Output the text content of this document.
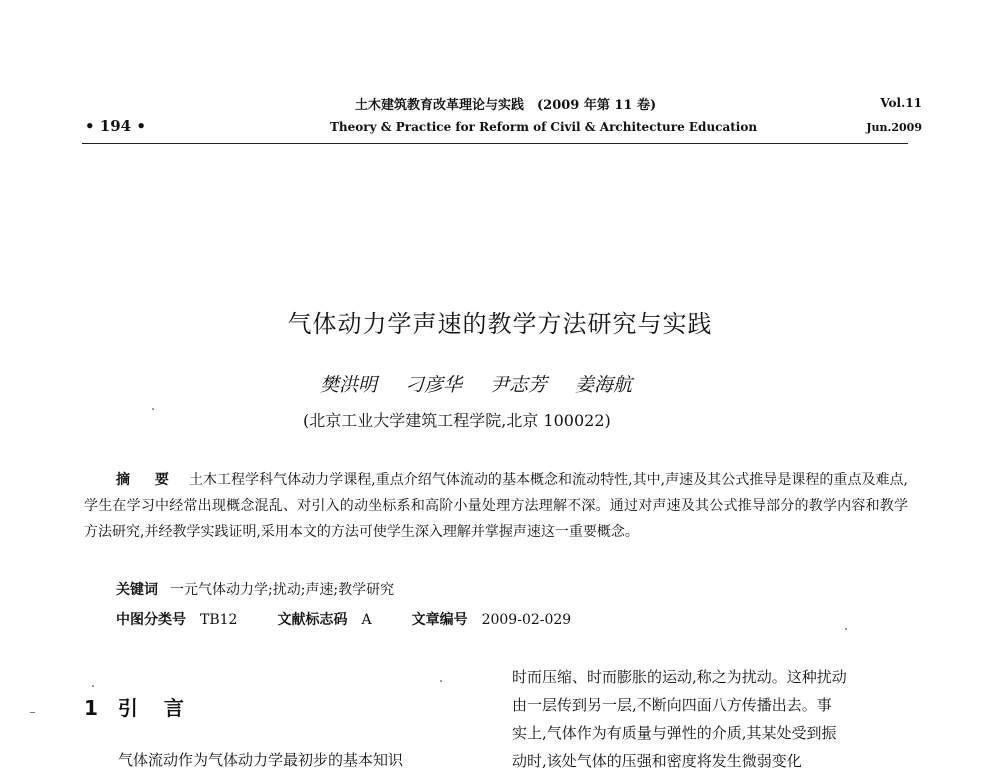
土木建筑教育改革理论与实践　(2009 年第 11 卷)
Theory & Practice for Reform of Civil & Architecture Education
• 194 •
Vol.11
Jun.2009
气体动力学声速的教学方法研究与实践
樊洪明 刁彦华 尹志芳 姜海航
(北京工业大学建筑工程学院,北京 100022)
摘 要 土木工程学科气体动力学课程,重点介绍气体流动的基本概念和流动特性,其中,声速及其公式推导是课程的重点及难点,学生在学习中经常出现概念混乱、对引入的动坐标系和高阶小量处理方法理解不深。通过对声速及其公式推导部分的教学内容和教学方法研究,并经教学实践证明,采用本文的方法可使学生深入理解并掌握声速这一重要概念。
关键词 一元气体动力学;扰动;声速;教学研究
中图分类号 TB12	文献标志码 A	文章编号 2009-02-029
1 引言
气体流动作为气体动力学最初步的基本知识
时而压缩、时而膨胀的运动,称之为扰动。这种扰动
由一层传到另一层,不断向四面八方传播出去。事
实上,气体作为有质量与弹性的介质,其某处受到振
动时,该处气体的压强和密度将发生微弱变化
